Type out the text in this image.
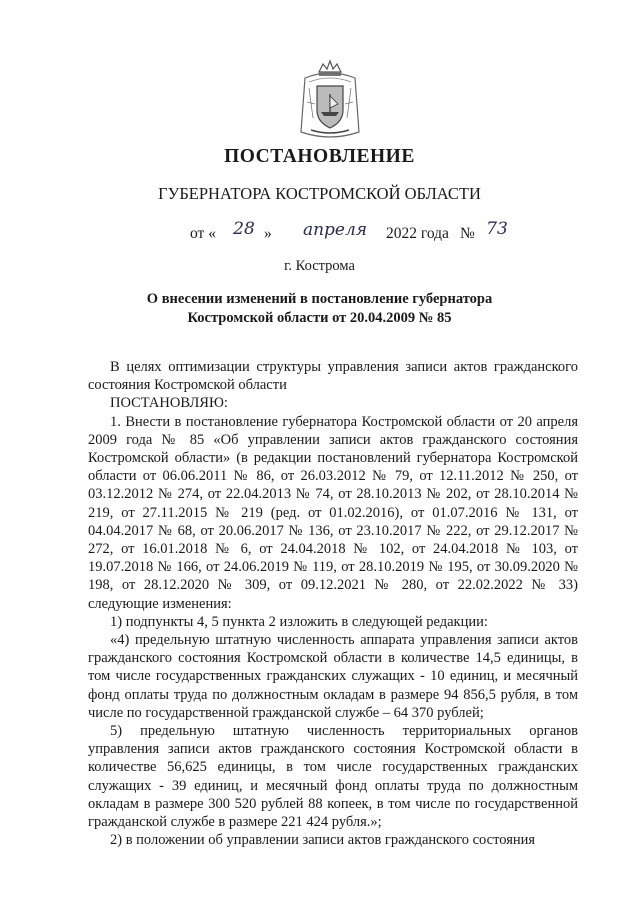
ПОСТАНОВЛЕНИЕ
ГУБЕРНАТОРА КОСТРОМСКОЙ ОБЛАСТИ
от «	28 »	апреля	2022 года № 73
г. Кострома
О внесении изменений в постановление губернатора
Костромской области от 20.04.2009 № 85

В целях оптимизации структуры управления записи актов гражданского состояния Костромской области

ПОСТАНОВЛЯЮ:

1. Внести в постановление губернатора Костромской области от 20 апреля 2009 года № 85 «Об управлении записи актов гражданского состояния Костромской области» (в редакции постановлений губернатора Костромской области от 06.06.2011 № 86, от 26.03.2012 № 79, от 12.11.2012 № 250, от 03.12.2012 № 274, от 22.04.2013 № 74, от 28.10.2013 № 202, от 28.10.2014 № 219, от 27.11.2015 № 219 (ред. от 01.02.2016), от 01.07.2016 № 131, от 04.04.2017 № 68, от 20.06.2017 № 136, от 23.10.2017 № 222, от 29.12.2017 № 272, от 16.01.2018 № 6, от 24.04.2018 № 102, от 24.04.2018 № 103, от 19.07.2018 № 166, от 24.06.2019 № 119, от 28.10.2019 № 195, от 30.09.2020 № 198, от 28.12.2020 № 309, от 09.12.2021 № 280, от 22.02.2022 № 33) следующие изменения:

1) подпункты 4, 5 пункта 2 изложить в следующей редакции:

«4) предельную штатную численность аппарата управления записи актов гражданского состояния Костромской области в количестве 14,5 единицы, в том числе государственных гражданских служащих - 10 единиц, и месячный фонд оплаты труда по должностным окладам в размере 94 856,5 рубля, в том числе по государственной гражданской службе – 64 370 рублей;

5) предельную штатную численность территориальных органов управления записи актов гражданского состояния Костромской области в количестве 56,625 единицы, в том числе государственных гражданских служащих - 39 единиц, и месячный фонд оплаты труда по должностным окладам в размере 300 520 рублей 88 копеек, в том числе по государственной гражданской службе в размере 221 424 рубля.»;

2) в положении об управлении записи актов гражданского состояния
